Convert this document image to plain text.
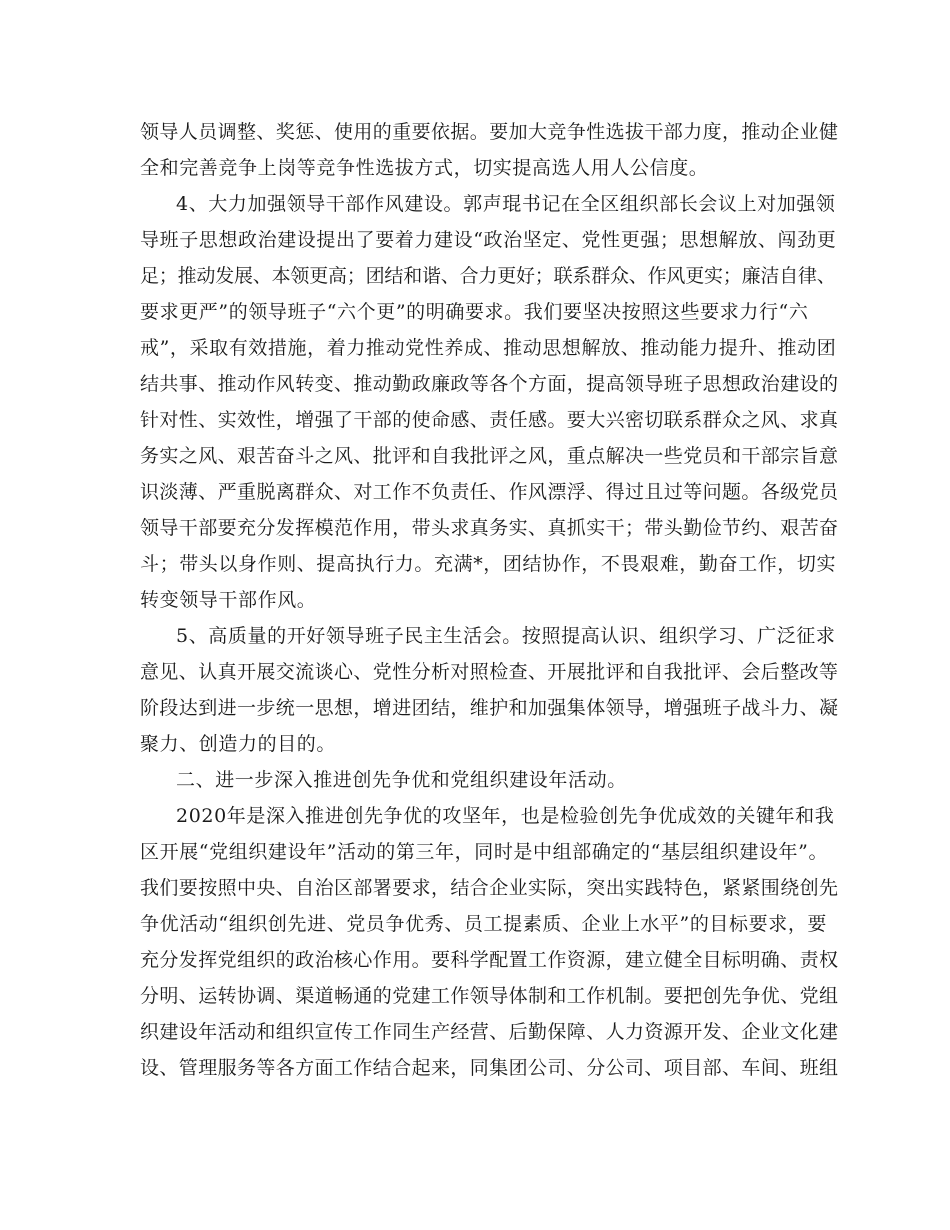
领导人员调整、奖惩、使用的重要依据。要加大竞争性选拔干部力度，推动企业健
全和完善竞争上岗等竞争性选拔方式，切实提高选人用人公信度。
4、大力加强领导干部作风建设。郭声琨书记在全区组织部长会议上对加强领
导班子思想政治建设提出了要着力建设“政治坚定、党性更强；思想解放、闯劲更
足；推动发展、本领更高；团结和谐、合力更好；联系群众、作风更实；廉洁自律、
要求更严”的领导班子“六个更”的明确要求。我们要坚决按照这些要求力行“六
戒”，采取有效措施，着力推动党性养成、推动思想解放、推动能力提升、推动团
结共事、推动作风转变、推动勤政廉政等各个方面，提高领导班子思想政治建设的
针对性、实效性，增强了干部的使命感、责任感。要大兴密切联系群众之风、求真
务实之风、艰苦奋斗之风、批评和自我批评之风，重点解决一些党员和干部宗旨意
识淡薄、严重脱离群众、对工作不负责任、作风漂浮、得过且过等问题。各级党员
领导干部要充分发挥模范作用，带头求真务实、真抓实干；带头勤俭节约、艰苦奋
斗；带头以身作则、提高执行力。充满*，团结协作，不畏艰难，勤奋工作，切实
转变领导干部作风。
5、高质量的开好领导班子民主生活会。按照提高认识、组织学习、广泛征求
意见、认真开展交流谈心、党性分析对照检查、开展批评和自我批评、会后整改等
阶段达到进一步统一思想，增进团结，维护和加强集体领导，增强班子战斗力、凝
聚力、创造力的目的。
二、进一步深入推进创先争优和党组织建设年活动。
2020年是深入推进创先争优的攻坚年，也是检验创先争优成效的关键年和我
区开展“党组织建设年”活动的第三年，同时是中组部确定的“基层组织建设年”。
我们要按照中央、自治区部署要求，结合企业实际，突出实践特色，紧紧围绕创先
争优活动“组织创先进、党员争优秀、员工提素质、企业上水平”的目标要求，要
充分发挥党组织的政治核心作用。要科学配置工作资源，建立健全目标明确、责权
分明、运转协调、渠道畅通的党建工作领导体制和工作机制。要把创先争优、党组
织建设年活动和组织宣传工作同生产经营、后勤保障、人力资源开发、企业文化建
设、管理服务等各方面工作结合起来，同集团公司、分公司、项目部、车间、班组
